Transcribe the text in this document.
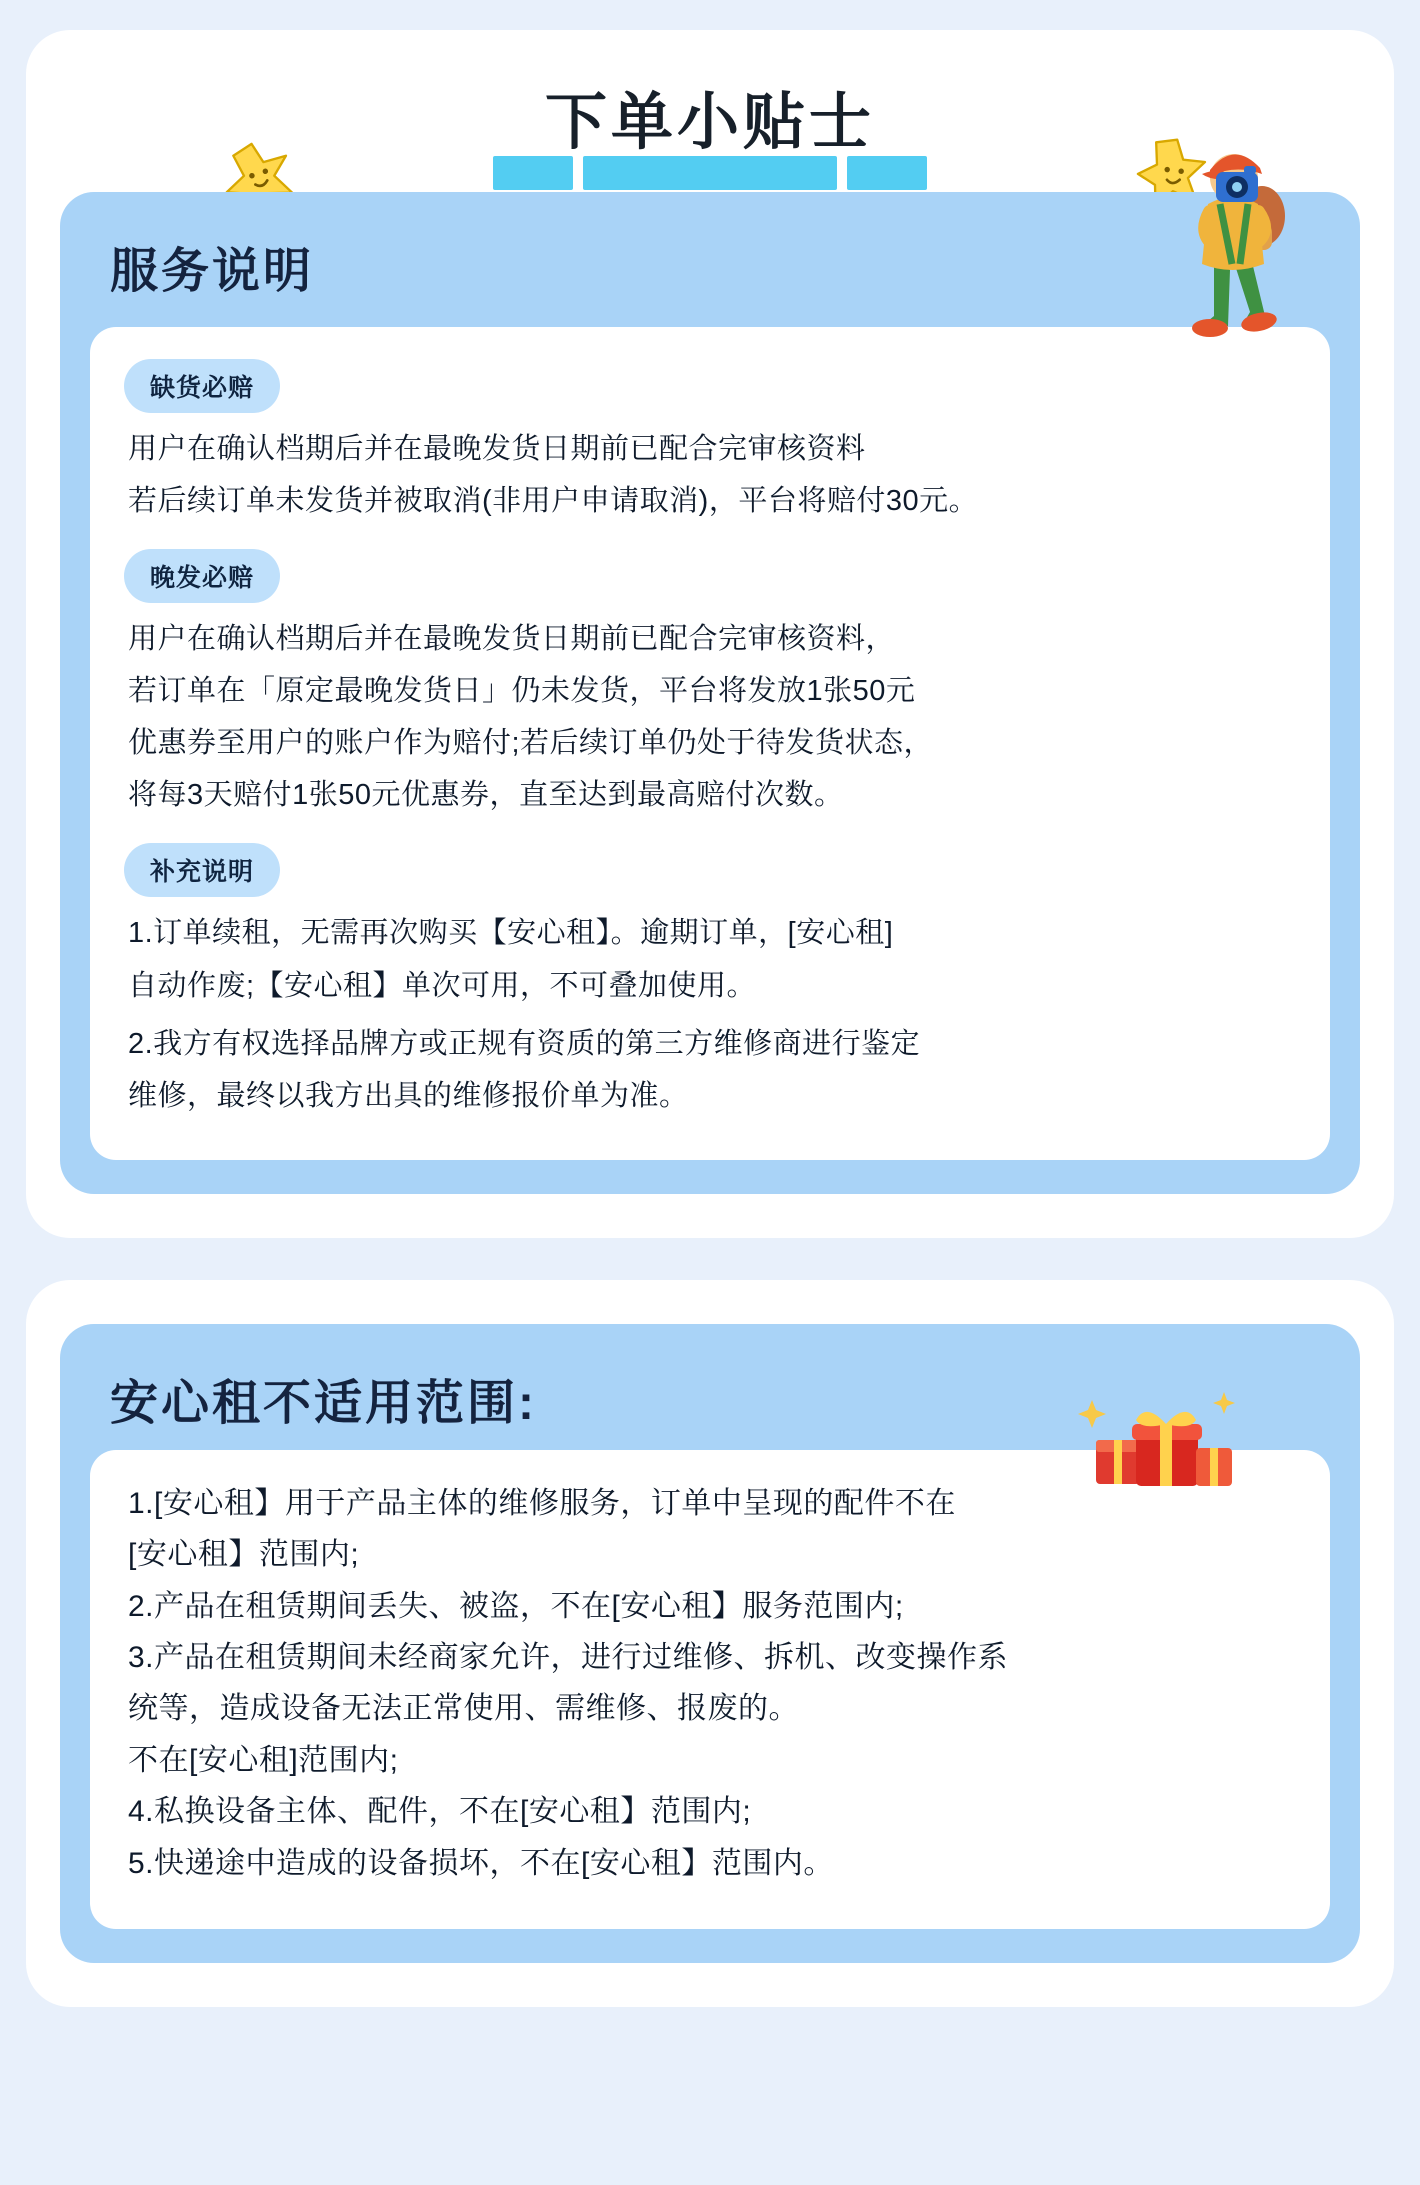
下单小贴士
服务说明
缺货必赔

用户在确认档期后并在最晚发货日期前已配合完审核资料

若后续订单未发货并被取消(非用户申请取消)，平台将赔付30元。

晚发必赔

用户在确认档期后并在最晚发货日期前已配合完审核资料，

若订单在「原定最晚发货日」仍未发货，平台将发放1张50元

优惠券至用户的账户作为赔付;若后续订单仍处于待发货状态，

将每3天赔付1张50元优惠券，直至达到最高赔付次数。

补充说明

1.订单续租，无需再次购买【安心租】。逾期订单，[安心租]

自动作废;【安心租】单次可用，不可叠加使用。

2.我方有权选择品牌方或正规有资质的第三方维修商进行鉴定

维修，最终以我方出具的维修报价单为准。

安心租不适用范围:

1.[安心租】用于产品主体的维修服务，订单中呈现的配件不在

[安心租】范围内;

2.产品在租赁期间丢失、被盗，不在[安心租】服务范围内;

3.产品在租赁期间未经商家允许，进行过维修、拆机、改变操作系

统等，造成设备无法正常使用、需维修、报废的。

不在[安心租]范围内;

4.私换设备主体、配件，不在[安心租】范围内;

5.快递途中造成的设备损坏，不在[安心租】范围内。
